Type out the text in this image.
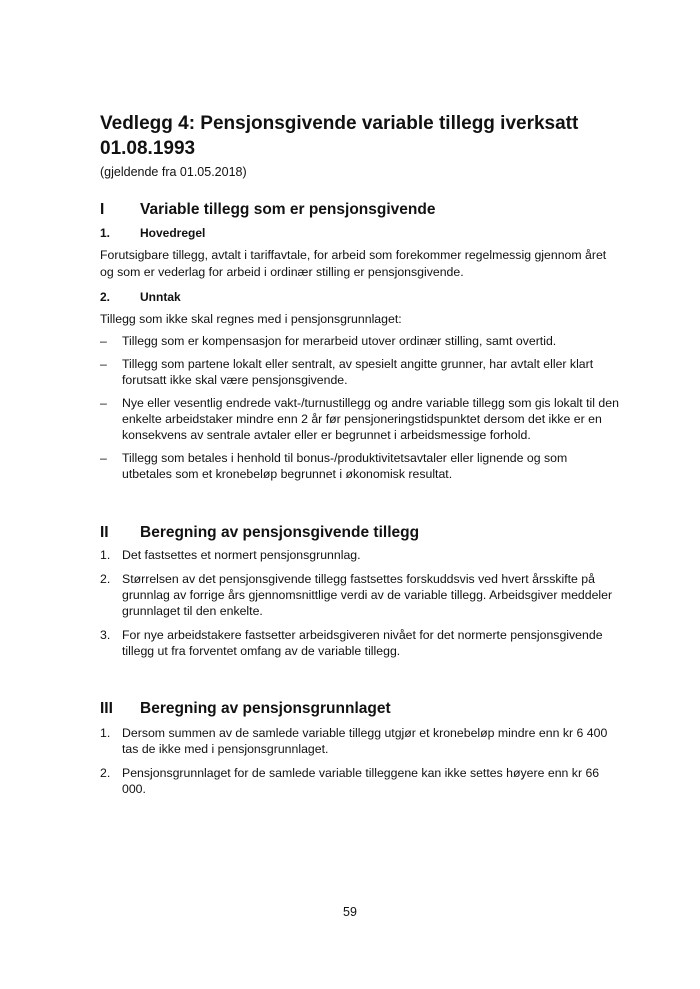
Vedlegg 4: Pensjonsgivende variable tillegg iverksatt 01.08.1993
(gjeldende fra 01.05.2018)
I Variable tillegg som er pensjonsgivende
1. Hovedregel

Forutsigbare tillegg, avtalt i tariffavtale, for arbeid som forekommer regelmessig gjennom året og som er vederlag for arbeid i ordinær stilling er pensjonsgivende.

2. Unntak

Tillegg som ikke skal regnes med i pensjonsgrunnlaget:

– Tillegg som er kompensasjon for merarbeid utover ordinær stilling, samt overtid.
– Tillegg som partene lokalt eller sentralt, av spesielt angitte grunner, har avtalt eller klart forutsatt ikke skal være pensjonsgivende.
– Nye eller vesentlig endrede vakt-/turnustillegg og andre variable tillegg som gis lokalt til den enkelte arbeidstaker mindre enn 2 år før pensjoneringstidspunktet dersom det ikke er en konsekvens av sentrale avtaler eller er begrunnet i arbeidsmessige forhold.
– Tillegg som betales i henhold til bonus-/produktivitetsavtaler eller lignende og som utbetales som et kronebeløp begrunnet i økonomisk resultat.
II Beregning av pensjonsgivende tillegg
1. Det fastsettes et normert pensjonsgrunnlag.
2. Størrelsen av det pensjonsgivende tillegg fastsettes forskuddsvis ved hvert årsskifte på grunnlag av forrige års gjennomsnittlige verdi av de variable tillegg. Arbeidsgiver meddeler grunnlaget til den enkelte.
3. For nye arbeidstakere fastsetter arbeidsgiveren nivået for det normerte pensjonsgivende tillegg ut fra forventet omfang av de variable tillegg.
III Beregning av pensjonsgrunnlaget
1. Dersom summen av de samlede variable tillegg utgjør et kronebeløp mindre enn kr 6 400 tas de ikke med i pensjonsgrunnlaget.
2. Pensjonsgrunnlaget for de samlede variable tilleggene kan ikke settes høyere enn kr 66 000.
59
